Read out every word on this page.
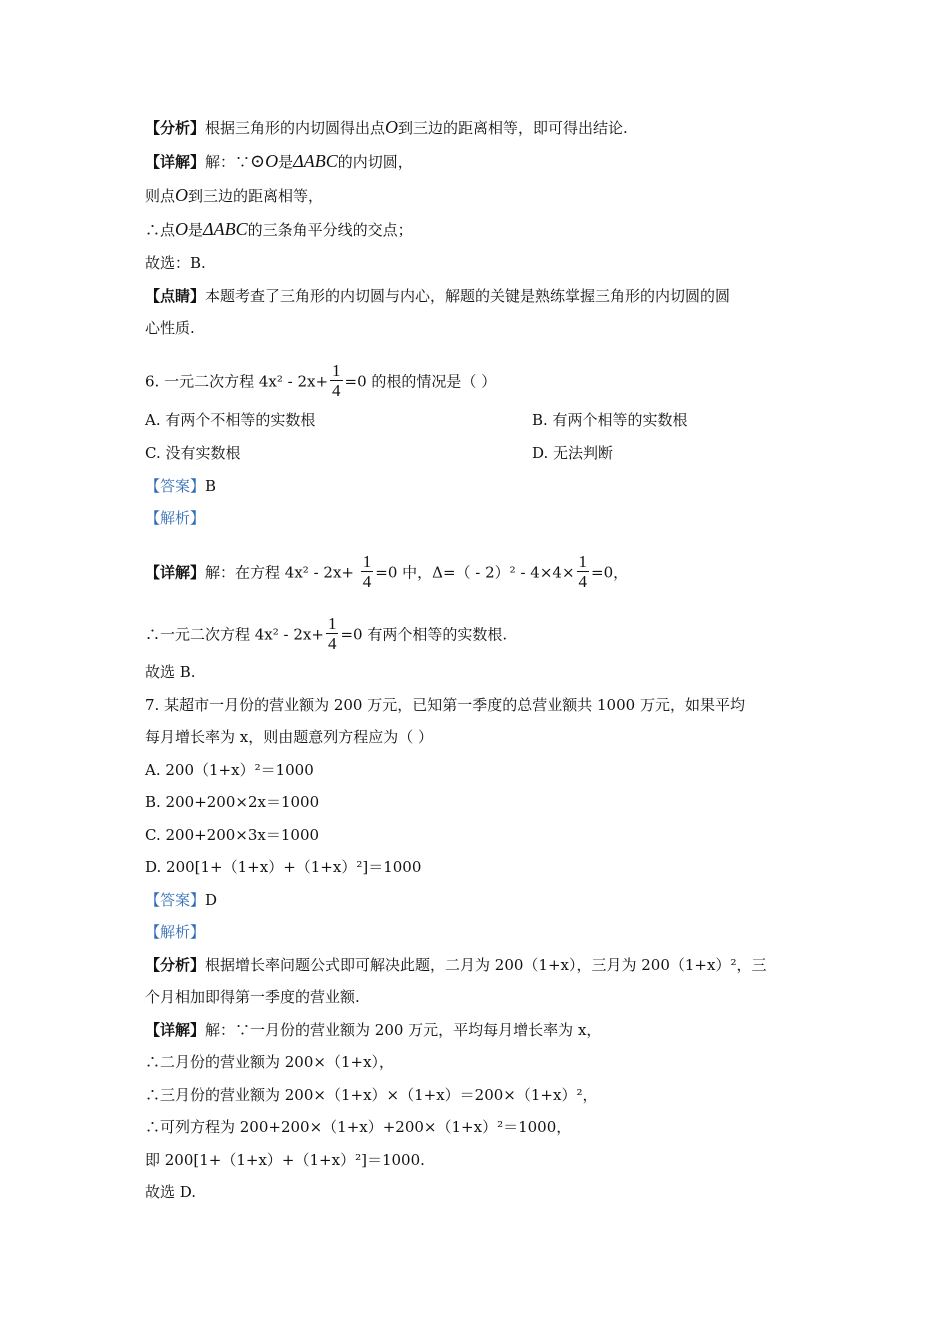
【分析】根据三角形的内切圆得出点O到三边的距离相等，即可得出结论.
【详解】解：∵⊙O是ΔABC的内切圆，
则点O到三边的距离相等，
∴点O是ΔABC的三条角平分线的交点；
故选：B.
【点睛】本题考查了三角形的内切圆与内心，解题的关键是熟练掌握三角形的内切圆的圆
心性质.
6. 一元二次方程 $4x^2 - 2x+ \frac{1}{4} =0$ 的根的情况是（ ）
A. 有两个不相等的实数根	B. 有两个相等的实数根
C. 没有实数根	D. 无法判断
【答案】B
【解析】
【详解】解：在方程 $4x^2 - 2x+ \frac{1}{4} =0$ 中，$\Delta=( - 2)^2 - 4\times 4\times \frac{1}{4} =0$，
∴一元二次方程 $4x^2 - 2x+ \frac{1}{4} =0$ 有两个相等的实数根.
故选 B.
7. 某超市一月份的营业额为 200 万元，已知第一季度的总营业额共 1000 万元，如果平均
每月增长率为 x，则由题意列方程应为（ ）
A. 200（1+x）²＝1000
B. 200+200×2x＝1000
C. 200+200×3x＝1000
D. 200[1+（1+x）+（1+x）²]＝1000
【答案】D
【解析】
【分析】根据增长率问题公式即可解决此题，二月为 200（1+x），三月为 200（1+x）²，三
个月相加即得第一季度的营业额.
【详解】解：∵一月份的营业额为 200 万元，平均每月增长率为 x，
∴二月份的营业额为 200×（1+x），
∴三月份的营业额为 200×（1+x）×（1+x）＝200×（1+x）²，
∴可列方程为 200+200×（1+x）+200×（1+x）²＝1000，
即 200[1+（1+x）+（1+x）²]＝1000.
故选 D.
